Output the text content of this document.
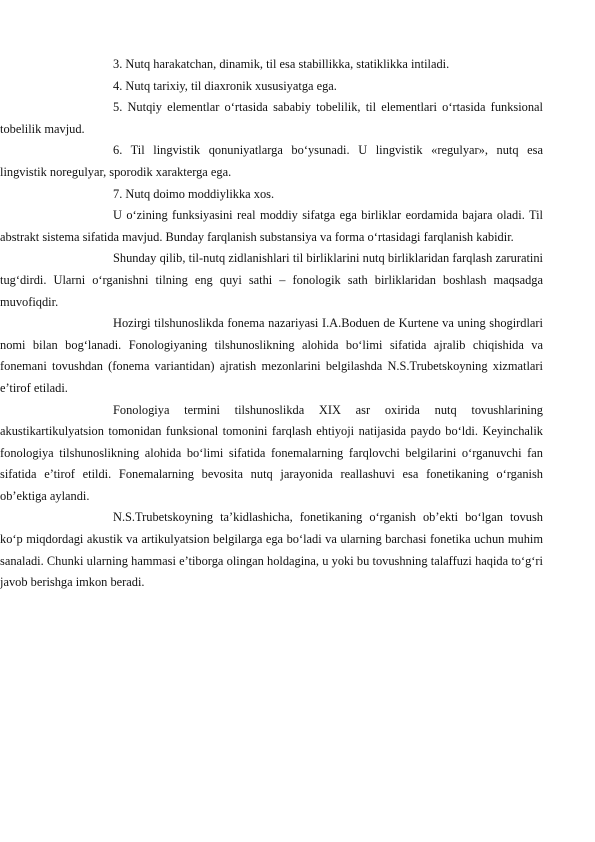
3. Nutq harakatchan, dinamik, til esa stabillikka, statiklikka intiladi.

4. Nutq tarixiy, til diaxronik xususiyatga ega.

5. Nutqiy elementlar o‘rtasida sababiy tobelilik, til elementlari o‘rtasida funksional tobelilik mavjud.

6. Til lingvistik qonuniyatlarga bo‘ysunadi. U lingvistik «regulyar», nutq esa lingvistik noregulyar, sporodik xarakterga ega.

7. Nutq doimo moddiylikka xos.

U o‘zining funksiyasini real moddiy sifatga ega birliklar eordamida bajara oladi. Til abstrakt sistema sifatida mavjud. Bunday farqlanish substansiya va forma o‘rtasidagi farqlanish kabidir.

Shunday qilib, til-nutq zidlanishlari til birliklarini nutq birliklaridan farqlash zaruratini tug‘dirdi. Ularni o‘rganishni tilning eng quyi sathi – fonologik sath birliklaridan boshlash maqsadga muvofiqdir.

Hozirgi tilshunoslikda fonema nazariyasi I.A.Boduen de Kurtene va uning shogirdlari nomi bilan bog‘lanadi. Fonologiyaning tilshunoslikning alohida bo‘limi sifatida ajralib chiqishida va fonemani tovushdan (fonema variantidan) ajratish mezonlarini belgilashda N.S.Trubetskoyning xizmatlari e’tirof etiladi.

Fonologiya termini tilshunoslikda XIX asr oxirida nutq tovushlarining akustikartikulyatsion tomonidan funksional tomonini farqlash ehtiyoji natijasida paydo bo‘ldi. Keyinchalik fonologiya tilshunoslikning alohida bo‘limi sifatida fonemalarning farqlovchi belgilarini o‘rganuvchi fan sifatida e’tirof etildi. Fonemalarning bevosita nutq jarayonida reallashuvi esa fonetikaning o‘rganish ob’ektiga aylandi.

N.S.Trubetskoyning ta’kidlashicha, fonetikaning o‘rganish ob’ekti bo‘lgan tovush ko‘p miqdordagi akustik va artikulyatsion belgilarga ega bo‘ladi va ularning barchasi fonetika uchun muhim sanaladi. Chunki ularning hammasi e’tiborga olingan holdagina, u yoki bu tovushning talaffuzi haqida to‘g‘ri javob berishga imkon beradi.
